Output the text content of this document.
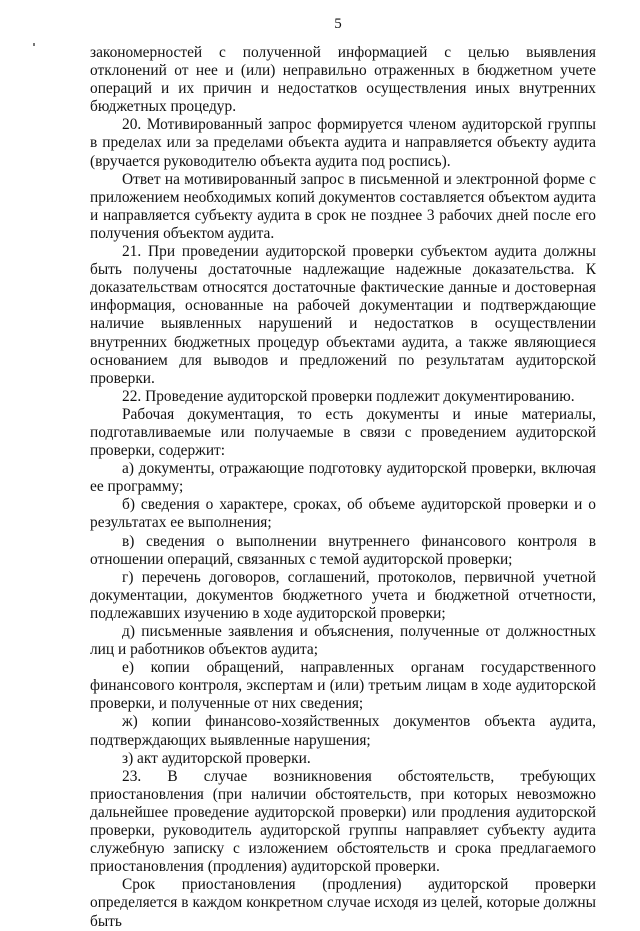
5

закономерностей с полученной информацией с целью выявления отклонений от нее и (или) неправильно отраженных в бюджетном учете операций и их причин и недостатков осуществления иных внутренних бюджетных процедур.

20. Мотивированный запрос формируется членом аудиторской группы в пределах или за пределами объекта аудита и направляется объекту аудита (вручается руководителю объекта аудита под роспись).

Ответ на мотивированный запрос в письменной и электронной форме с приложением необходимых копий документов составляется объектом аудита и направляется субъекту аудита в срок не позднее 3 рабочих дней после его получения объектом аудита.

21. При проведении аудиторской проверки субъектом аудита должны быть получены достаточные надлежащие надежные доказательства. К доказательствам относятся достаточные фактические данные и достоверная информация, основанные на рабочей документации и подтверждающие наличие выявленных нарушений и недостатков в осуществлении внутренних бюджетных процедур объектами аудита, а также являющиеся основанием для выводов и предложений по результатам аудиторской проверки.

22. Проведение аудиторской проверки подлежит документированию.

Рабочая документация, то есть документы и иные материалы, подготавливаемые или получаемые в связи с проведением аудиторской проверки, содержит:

а) документы, отражающие подготовку аудиторской проверки, включая ее программу;

б) сведения о характере, сроках, об объеме аудиторской проверки и о результатах ее выполнения;

в) сведения о выполнении внутреннего финансового контроля в отношении операций, связанных с темой аудиторской проверки;

г) перечень договоров, соглашений, протоколов, первичной учетной документации, документов бюджетного учета и бюджетной отчетности, подлежавших изучению в ходе аудиторской проверки;

д) письменные заявления и объяснения, полученные от должностных лиц и работников объектов аудита;

е) копии обращений, направленных органам государственного финансового контроля, экспертам и (или) третьим лицам в ходе аудиторской проверки, и полученные от них сведения;

ж) копии финансово-хозяйственных документов объекта аудита, подтверждающих выявленные нарушения;

з) акт аудиторской проверки.

23. В случае возникновения обстоятельств, требующих приостановления (при наличии обстоятельств, при которых невозможно дальнейшее проведение аудиторской проверки) или продления аудиторской проверки, руководитель аудиторской группы направляет субъекту аудита служебную записку с изложением обстоятельств и срока предлагаемого приостановления (продления) аудиторской проверки.

Срок приостановления (продления) аудиторской проверки определяется в каждом конкретном случае исходя из целей, которые должны быть
